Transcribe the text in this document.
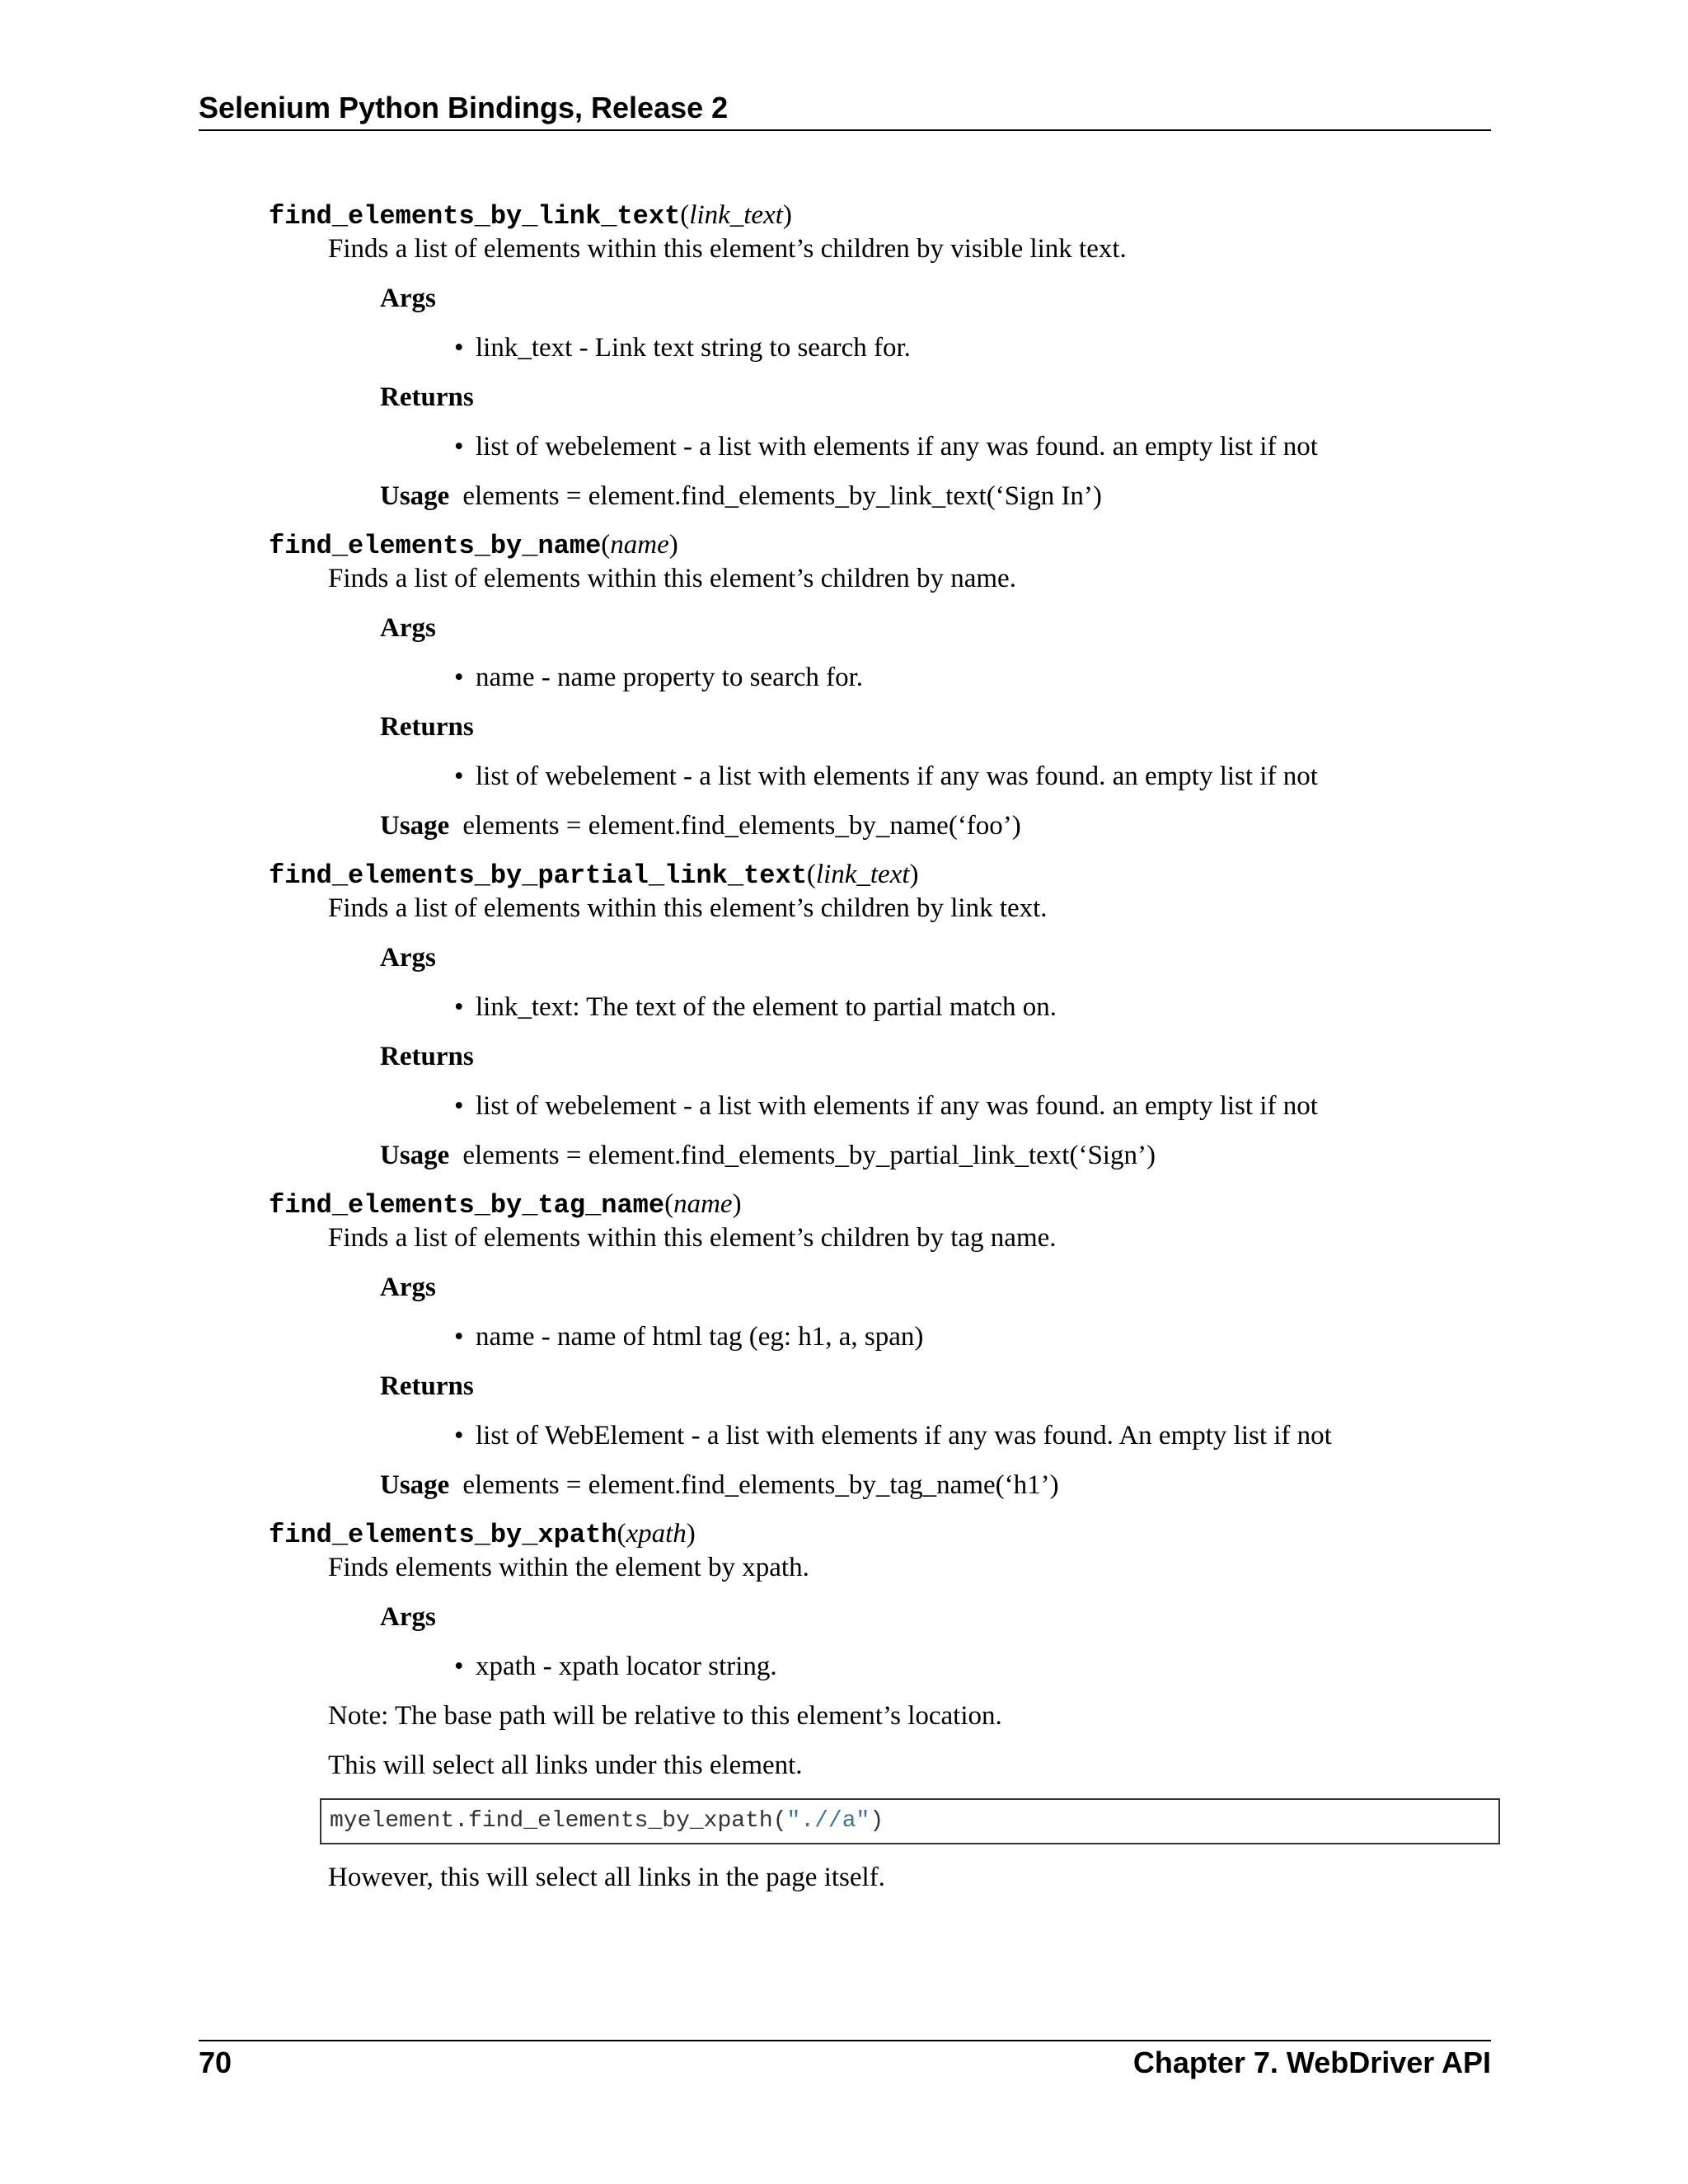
Selenium Python Bindings, Release 2
find_elements_by_link_text(link_text)
Finds a list of elements within this element’s children by visible link text.
Args
• link_text - Link text string to search for.
Returns
• list of webelement - a list with elements if any was found. an empty list if not
Usage elements = element.find_elements_by_link_text(‘Sign In’)
find_elements_by_name(name)
Finds a list of elements within this element’s children by name.
Args
• name - name property to search for.
Returns
• list of webelement - a list with elements if any was found. an empty list if not
Usage elements = element.find_elements_by_name(‘foo’)
find_elements_by_partial_link_text(link_text)
Finds a list of elements within this element’s children by link text.
Args
• link_text: The text of the element to partial match on.
Returns
• list of webelement - a list with elements if any was found. an empty list if not
Usage elements = element.find_elements_by_partial_link_text(‘Sign’)
find_elements_by_tag_name(name)
Finds a list of elements within this element’s children by tag name.
Args
• name - name of html tag (eg: h1, a, span)
Returns
• list of WebElement - a list with elements if any was found. An empty list if not
Usage elements = element.find_elements_by_tag_name(‘h1’)
find_elements_by_xpath(xpath)
Finds elements within the element by xpath.
Args
• xpath - xpath locator string.
Note: The base path will be relative to this element’s location.
This will select all links under this element.
myelement.find_elements_by_xpath(".//a")
However, this will select all links in the page itself.
70	Chapter 7. WebDriver API
